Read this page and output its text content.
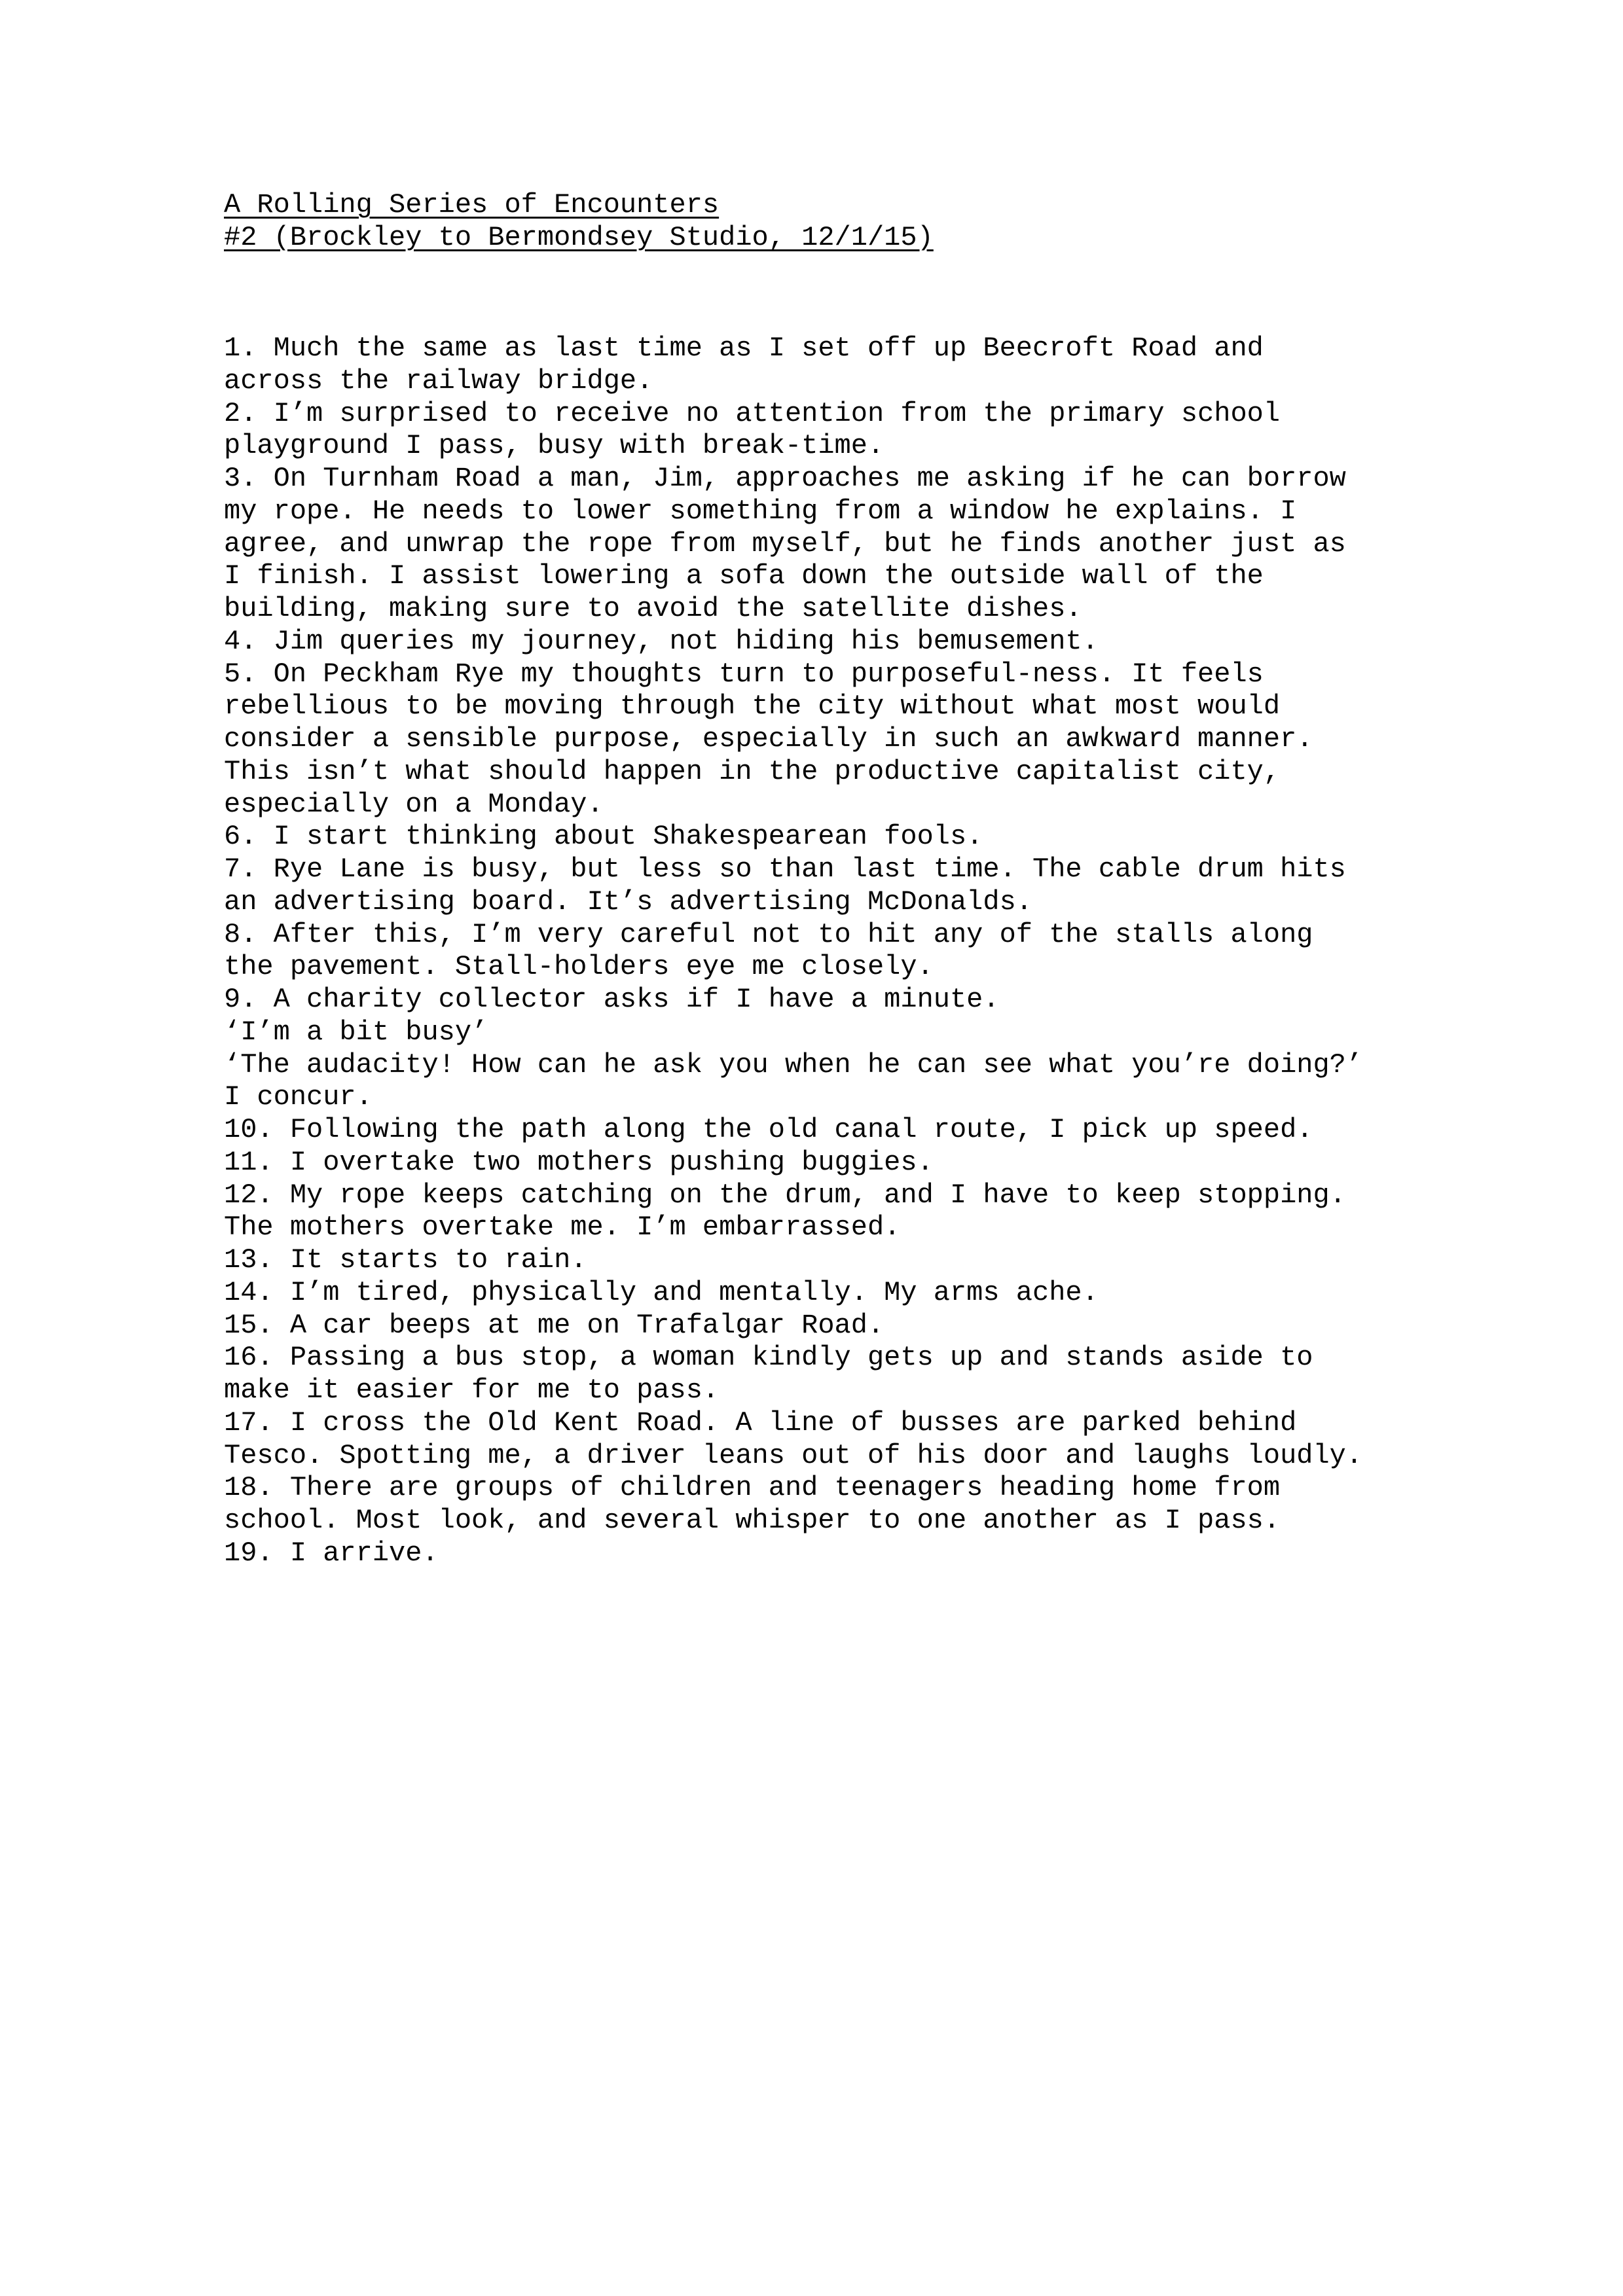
A Rolling Series of Encounters
#2 (Brockley to Bermondsey Studio, 12/1/15)
1. Much the same as last time as I set off up Beecroft Road and
across the railway bridge.
2. I’m surprised to receive no attention from the primary school
playground I pass, busy with break-time.
3. On Turnham Road a man, Jim, approaches me asking if he can borrow
my rope. He needs to lower something from a window he explains. I
agree, and unwrap the rope from myself, but he finds another just as
I finish. I assist lowering a sofa down the outside wall of the
building, making sure to avoid the satellite dishes.
4. Jim queries my journey, not hiding his bemusement.
5. On Peckham Rye my thoughts turn to purposeful-ness. It feels
rebellious to be moving through the city without what most would
consider a sensible purpose, especially in such an awkward manner.
This isn’t what should happen in the productive capitalist city,
especially on a Monday.
6. I start thinking about Shakespearean fools.
7. Rye Lane is busy, but less so than last time. The cable drum hits
an advertising board. It’s advertising McDonalds.
8. After this, I’m very careful not to hit any of the stalls along
the pavement. Stall-holders eye me closely.
9. A charity collector asks if I have a minute.
‘I’m a bit busy’
‘The audacity! How can he ask you when he can see what you’re doing?’
I concur.
10. Following the path along the old canal route, I pick up speed.
11. I overtake two mothers pushing buggies.
12. My rope keeps catching on the drum, and I have to keep stopping.
The mothers overtake me. I’m embarrassed.
13. It starts to rain.
14. I’m tired, physically and mentally. My arms ache.
15. A car beeps at me on Trafalgar Road.
16. Passing a bus stop, a woman kindly gets up and stands aside to
make it easier for me to pass.
17. I cross the Old Kent Road. A line of busses are parked behind
Tesco. Spotting me, a driver leans out of his door and laughs loudly.
18. There are groups of children and teenagers heading home from
school. Most look, and several whisper to one another as I pass.
19. I arrive.
